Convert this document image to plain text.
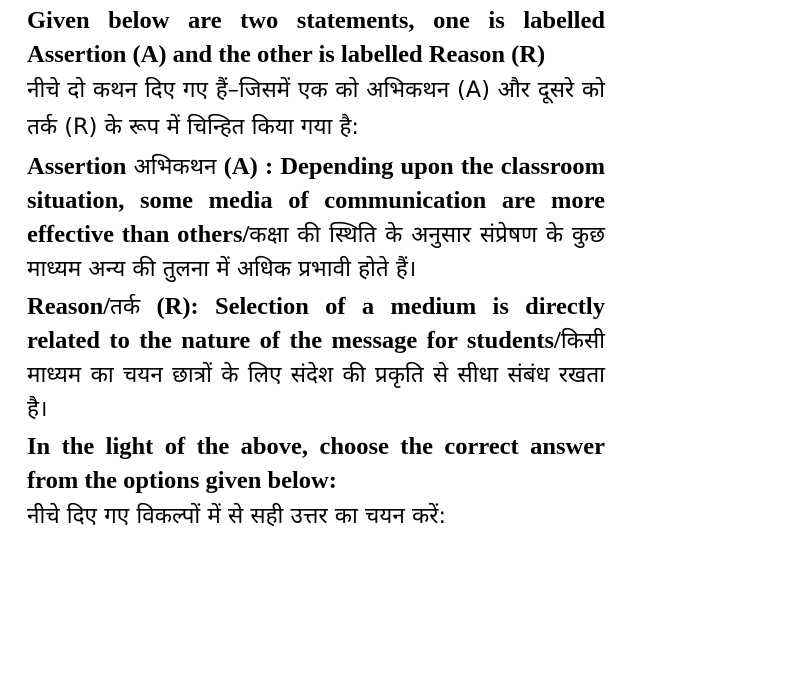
Given below are two statements, one is labelled Assertion (A) and the other is labelled Reason (R)
नीचे दो कथन दिए गए हैं–जिसमें एक को अभिकथन (A) और दूसरे को तर्क (R) के रूप में चिन्हित किया गया है:
Assertion अभिकथन (A) : Depending upon the classroom situation, some media of communication are more effective than others/कक्षा की स्थिति के अनुसार संप्रेषण के कुछ माध्यम अन्य की तुलना में अधिक प्रभावी होते हैं।
Reason/तर्क (R): Selection of a medium is directly related to the nature of the message for students/किसी माध्यम का चयन छात्रों के लिए संदेश की प्रकृति से सीधा संबंध रखता है।
In the light of the above, choose the correct answer from the options given below:
नीचे दिए गए विकल्पों में से सही उत्तर का चयन करें:
